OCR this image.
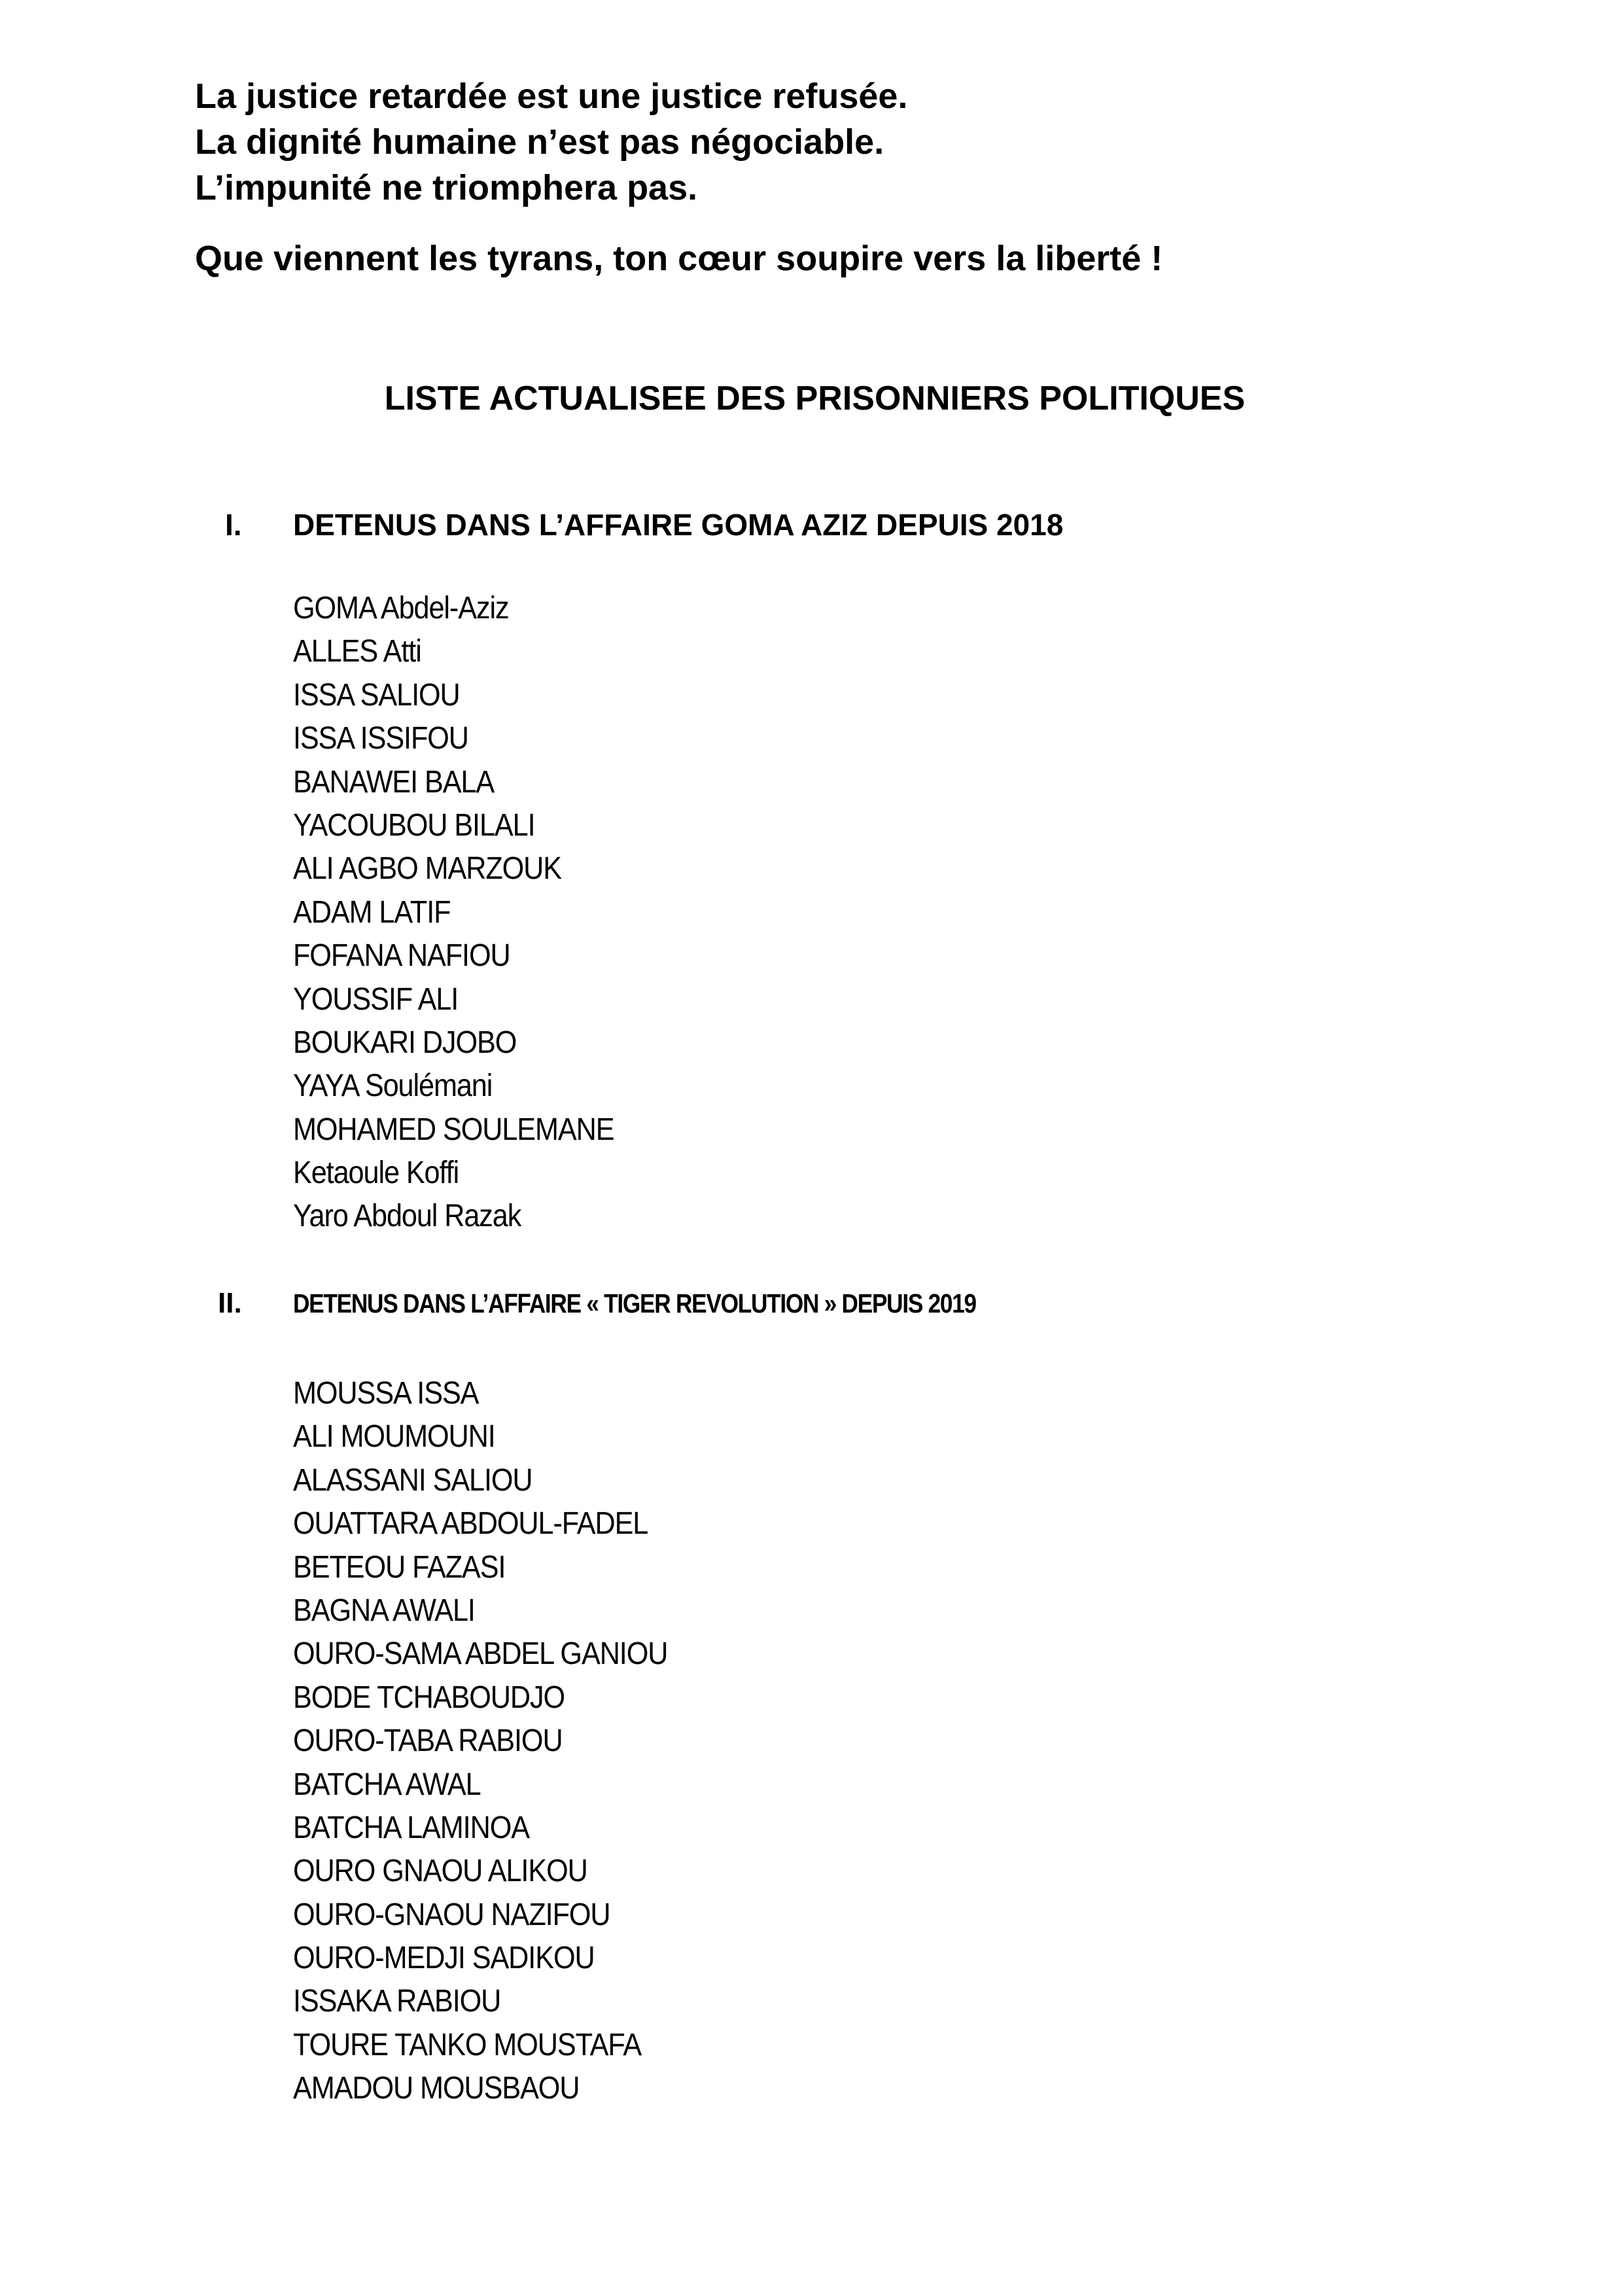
La justice retardée est une justice refusée.
La dignité humaine n’est pas négociable.
L’impunité ne triomphera pas.
Que viennent les tyrans, ton cœur soupire vers la liberté !
LISTE ACTUALISEE DES PRISONNIERS POLITIQUES
I. DETENUS DANS L’AFFAIRE GOMA AZIZ DEPUIS 2018
GOMA Abdel-Aziz
ALLES Atti
ISSA SALIOU
ISSA ISSIFOU
BANAWEI BALA
YACOUBOU BILALI
ALI AGBO MARZOUK
ADAM LATIF
FOFANA NAFIOU
YOUSSIF ALI
BOUKARI DJOBO
YAYA Soulémani
MOHAMED SOULEMANE
Ketaoule Koffi
Yaro Abdoul Razak
II. DETENUS DANS L’AFFAIRE « TIGER REVOLUTION » DEPUIS 2019
MOUSSA ISSA
ALI MOUMOUNI
ALASSANI SALIOU
OUATTARA ABDOUL-FADEL
BETEOU FAZASI
BAGNA AWALI
OURO-SAMA ABDEL GANIOU
BODE TCHABOUDJO
OURO-TABA RABIOU
BATCHA AWAL
BATCHA LAMINOA
OURO GNAOU ALIKOU
OURO-GNAOU NAZIFOU
OURO-MEDJI SADIKOU
ISSAKA RABIOU
TOURE TANKO MOUSTAFA
AMADOU MOUSBAOU
